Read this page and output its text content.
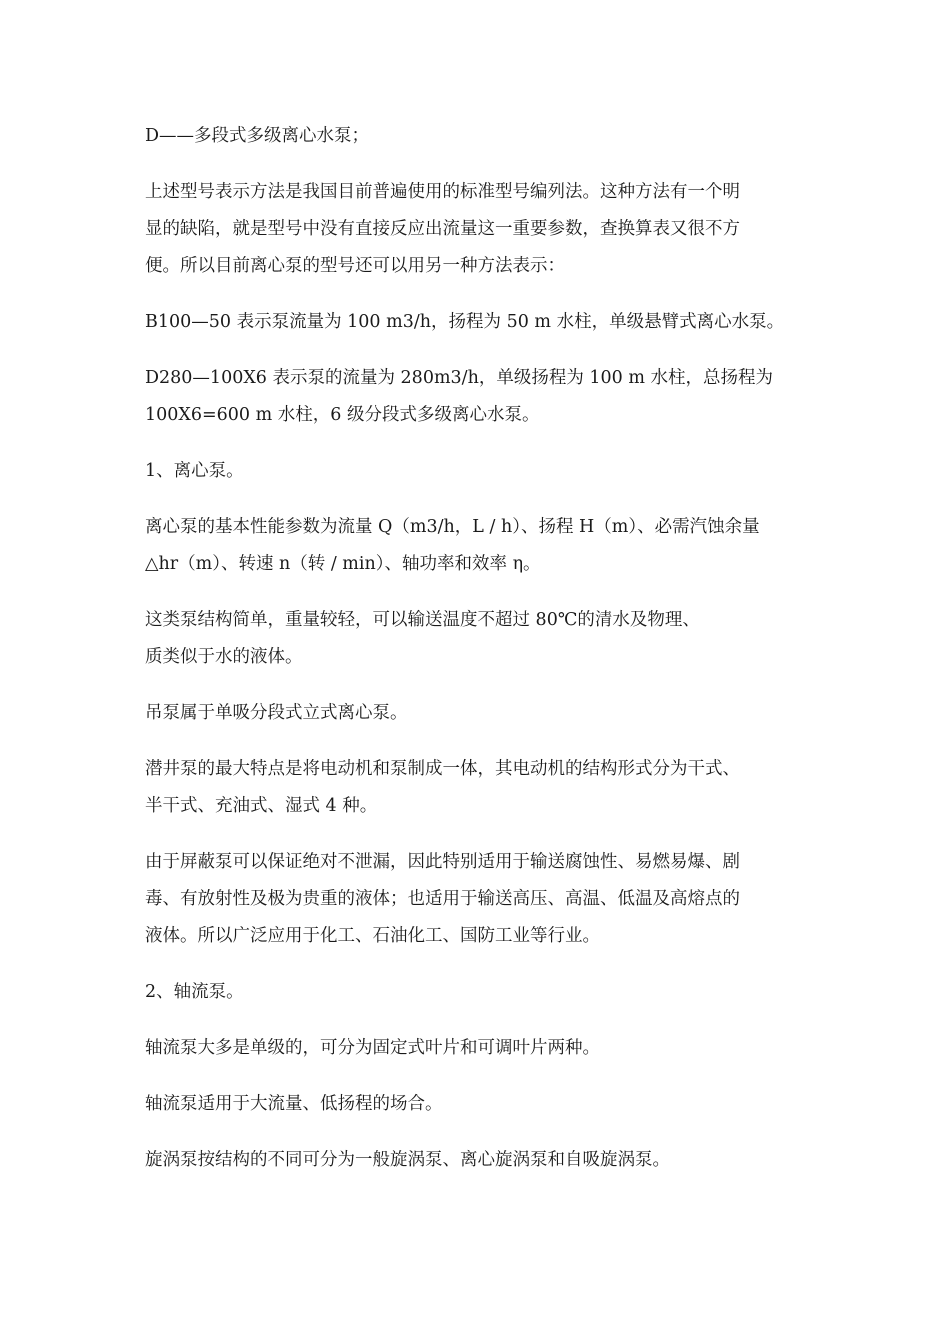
D——多段式多级离心水泵；

上述型号表示方法是我国目前普遍使用的标准型号编列法。这种方法有一个明
显的缺陷，就是型号中没有直接反应出流量这一重要参数，查换算表又很不方
便。所以目前离心泵的型号还可以用另一种方法表示：

B100—50 表示泵流量为 100 m3/h，扬程为 50 m 水柱，单级悬臂式离心水泵。

D280—100X6 表示泵的流量为 280m3/h，单级扬程为 100 m 水柱，总扬程为
100X6=600 m 水柱，6 级分段式多级离心水泵。

1、离心泵。

离心泵的基本性能参数为流量 Q（m3/h，L / h）、扬程 H（m）、必需汽蚀余量
△hr（m）、转速 n（转 / min）、轴功率和效率 η。

这类泵结构简单，重量较轻，可以输送温度不超过 80℃的清水及物理、
质类似于水的液体。

吊泵属于单吸分段式立式离心泵。

潜井泵的最大特点是将电动机和泵制成一体，其电动机的结构形式分为干式、
半干式、充油式、湿式 4 种。

由于屏蔽泵可以保证绝对不泄漏，因此特别适用于输送腐蚀性、易燃易爆、剧
毒、有放射性及极为贵重的液体；也适用于输送高压、高温、低温及高熔点的
液体。所以广泛应用于化工、石油化工、国防工业等行业。

2、轴流泵。

轴流泵大多是单级的，可分为固定式叶片和可调叶片两种。

轴流泵适用于大流量、低扬程的场合。

旋涡泵按结构的不同可分为一般旋涡泵、离心旋涡泵和自吸旋涡泵。
